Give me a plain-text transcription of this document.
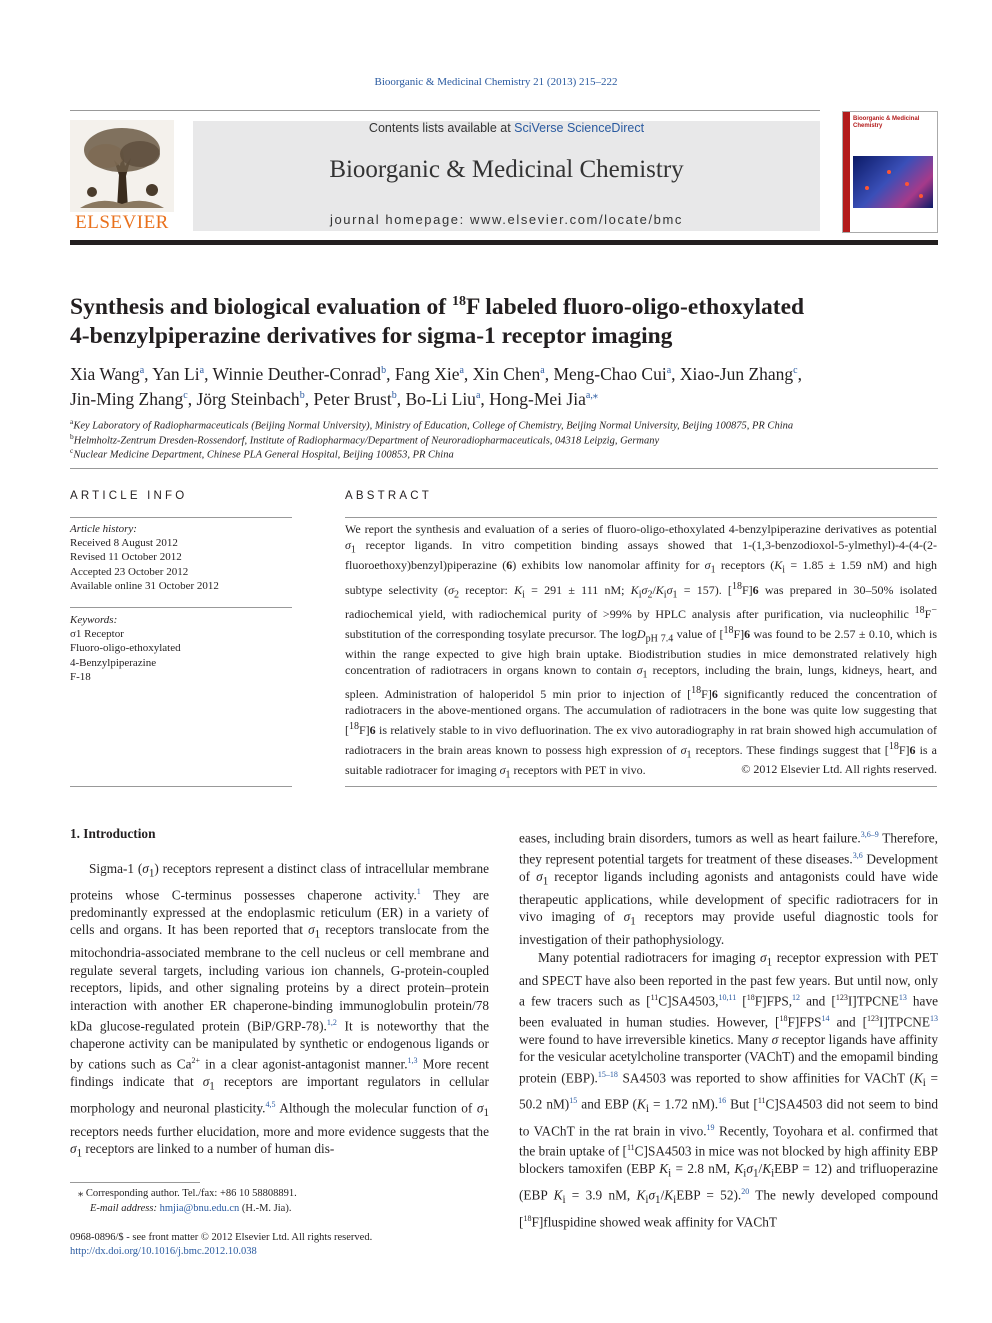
Bioorganic & Medicinal Chemistry 21 (2013) 215–222
ELSEVIER
Contents lists available at SciVerse ScienceDirect
Bioorganic & Medicinal Chemistry
journal homepage: www.elsevier.com/locate/bmc
Bioorganic & Medicinal
Chemistry
Synthesis and biological evaluation of $^{18}$F labeled fluoro-oligo-ethoxylated
4-benzylpiperazine derivatives for sigma-1 receptor imaging
Xia Wang$^a$, Yan Li$^a$, Winnie Deuther-Conrad$^b$, Fang Xie$^a$, Xin Chen$^a$, Meng-Chao Cui$^a$, Xiao-Jun Zhang$^c$,
Jin-Ming Zhang$^c$, Jörg Steinbach$^b$, Peter Brust$^b$, Bo-Li Liu$^a$, Hong-Mei Jia$^{a,⁎}$
$^a$Key Laboratory of Radiopharmaceuticals (Beijing Normal University), Ministry of Education, College of Chemistry, Beijing Normal University, Beijing 100875, PR China
$^b$Helmholtz-Zentrum Dresden-Rossendorf, Institute of Radiopharmacy/Department of Neuroradiopharmaceuticals, 04318 Leipzig, Germany
$^c$Nuclear Medicine Department, Chinese PLA General Hospital, Beijing 100853, PR China
ARTICLE INFO
Article history:
Received 8 August 2012
Revised 11 October 2012
Accepted 23 October 2012
Available online 31 October 2012
Keywords:
σ1 Receptor
Fluoro-oligo-ethoxylated
4-Benzylpiperazine
F-18
ABSTRACT
We report the synthesis and evaluation of a series of fluoro-oligo-ethoxylated 4-benzylpiperazine derivatives as potential $\sigma_1$ receptor ligands. In vitro competition binding assays showed that 1-(1,3-benzodioxol-5-ylmethyl)-4-(4-(2-fluoroethoxy)benzyl)piperazine (6) exhibits low nanomolar affinity for $\sigma_1$ receptors ($K_i = 1.85 \pm 1.59$ nM) and high subtype selectivity ($\sigma_2$ receptor: $K_i = 291 \pm 111$ nM; $K_i\sigma_2/K_i\sigma_1 = 157$). [$^{18}$F]6 was prepared in 30–50% isolated radiochemical yield, with radiochemical purity of >99% by HPLC analysis after purification, via nucleophilic $^{18}$F− substitution of the corresponding tosylate precursor. The logD$_{pH 7.4}$ value of [$^{18}$F]6 was found to be 2.57 ± 0.10, which is within the range expected to give high brain uptake. Biodistribution studies in mice demonstrated relatively high concentration of radiotracers in organs known to contain $\sigma_1$ receptors, including the brain, lungs, kidneys, heart, and spleen. Administration of haloperidol 5 min prior to injection of [$^{18}$F]6 significantly reduced the concentration of radiotracers in the above-mentioned organs. The accumulation of radiotracers in the bone was quite low suggesting that [$^{18}$F]6 is relatively stable to in vivo defluorination. The ex vivo autoradiography in rat brain showed high accumulation of radiotracers in the brain areas known to possess high expression of $\sigma_1$ receptors. These findings suggest that [$^{18}$F]6 is a suitable radiotracer for imaging $\sigma_1$ receptors with PET in vivo.	© 2012 Elsevier Ltd. All rights reserved.
1. Introduction

Sigma-1 $(\sigma_1)$ receptors represent a distinct class of intracellular membrane proteins whose C-terminus possesses chaperone activity.$^1$ They are predominantly expressed at the endoplasmic reticulum (ER) in a variety of cells and organs. It has been reported that $\sigma_1$ receptors translocate from the mitochondria-associated membrane to the cell nucleus or cell membrane and regulate several targets, including various ion channels, G-protein-coupled receptors, lipids, and other signaling proteins by a direct protein–protein interaction with another ER chaperone-binding immunoglobulin protein/78 kDa glucose-regulated protein (BiP/GRP-78).$^{1,2}$ It is noteworthy that the chaperone activity can be manipulated by synthetic or endogenous ligands or by cations such as $Ca^{2+}$ in a clear agonist-antagonist manner.$^{1,3}$ More recent findings indicate that $\sigma_1$ receptors are important regulators in cellular morphology and neuronal plasticity.$^{4,5}$ Although the molecular function of $\sigma_1$ receptors needs further elucidation, more and more evidence suggests that the $\sigma_1$ receptors are linked to a number of human dis-

eases, including brain disorders, tumors as well as heart failure.$^{3,6-9}$ Therefore, they represent potential targets for treatment of these diseases.$^{3,6}$ Development of $\sigma_1$ receptor ligands including agonists and antagonists could have wide therapeutic applications, while development of specific radiotracers for in vivo imaging of $\sigma_1$ receptors may provide useful diagnostic tools for investigation of their pathophysiology.

Many potential radiotracers for imaging $\sigma_1$ receptor expression with PET and SPECT have also been reported in the past few years. But until now, only a few tracers such as [$^{11}$C]SA4503,$^{10,11}$ [$^{18}$F]FPS,$^{12}$ and [$^{123}$I]TPCNE$^{13}$ have been evaluated in human studies. However, [$^{18}$F]FPS$^{14}$ and [$^{123}$I]TPCNE$^{13}$ were found to have irreversible kinetics. Many σ receptor ligands have affinity for the vesicular acetylcholine transporter (VAChT) and the emopamil binding protein (EBP).$^{15-18}$ SA4503 was reported to show affinities for VAChT ($K_i = 50.2$ nM)$^{15}$ and EBP ($K_i = 1.72$ nM).$^{16}$ But [$^{11}$C]SA4503 did not seem to bind to VAChT in the rat brain in vivo.$^{19}$ Recently, Toyohara et al. confirmed that the brain uptake of [$^{11}$C]SA4503 in mice was not blocked by high affinity EBP blockers tamoxifen (EBP $K_i = 2.8$ nM, $K_i\sigma_1/K_iEBP = 12$) and trifluoperazine (EBP $K_i = 3.9$ nM, $K_i\sigma_1/K_iEBP = 52).^{20}$ The newly developed compound [$^{18}$F]fluspidine showed weak affinity for VAChT

⁎ Corresponding author. Tel./fax: +86 10 58808891.
E-mail address: hmjia@bnu.edu.cn (H.-M. Jia).
0968-0896/$ - see front matter © 2012 Elsevier Ltd. All rights reserved.
http://dx.doi.org/10.1016/j.bmc.2012.10.038
